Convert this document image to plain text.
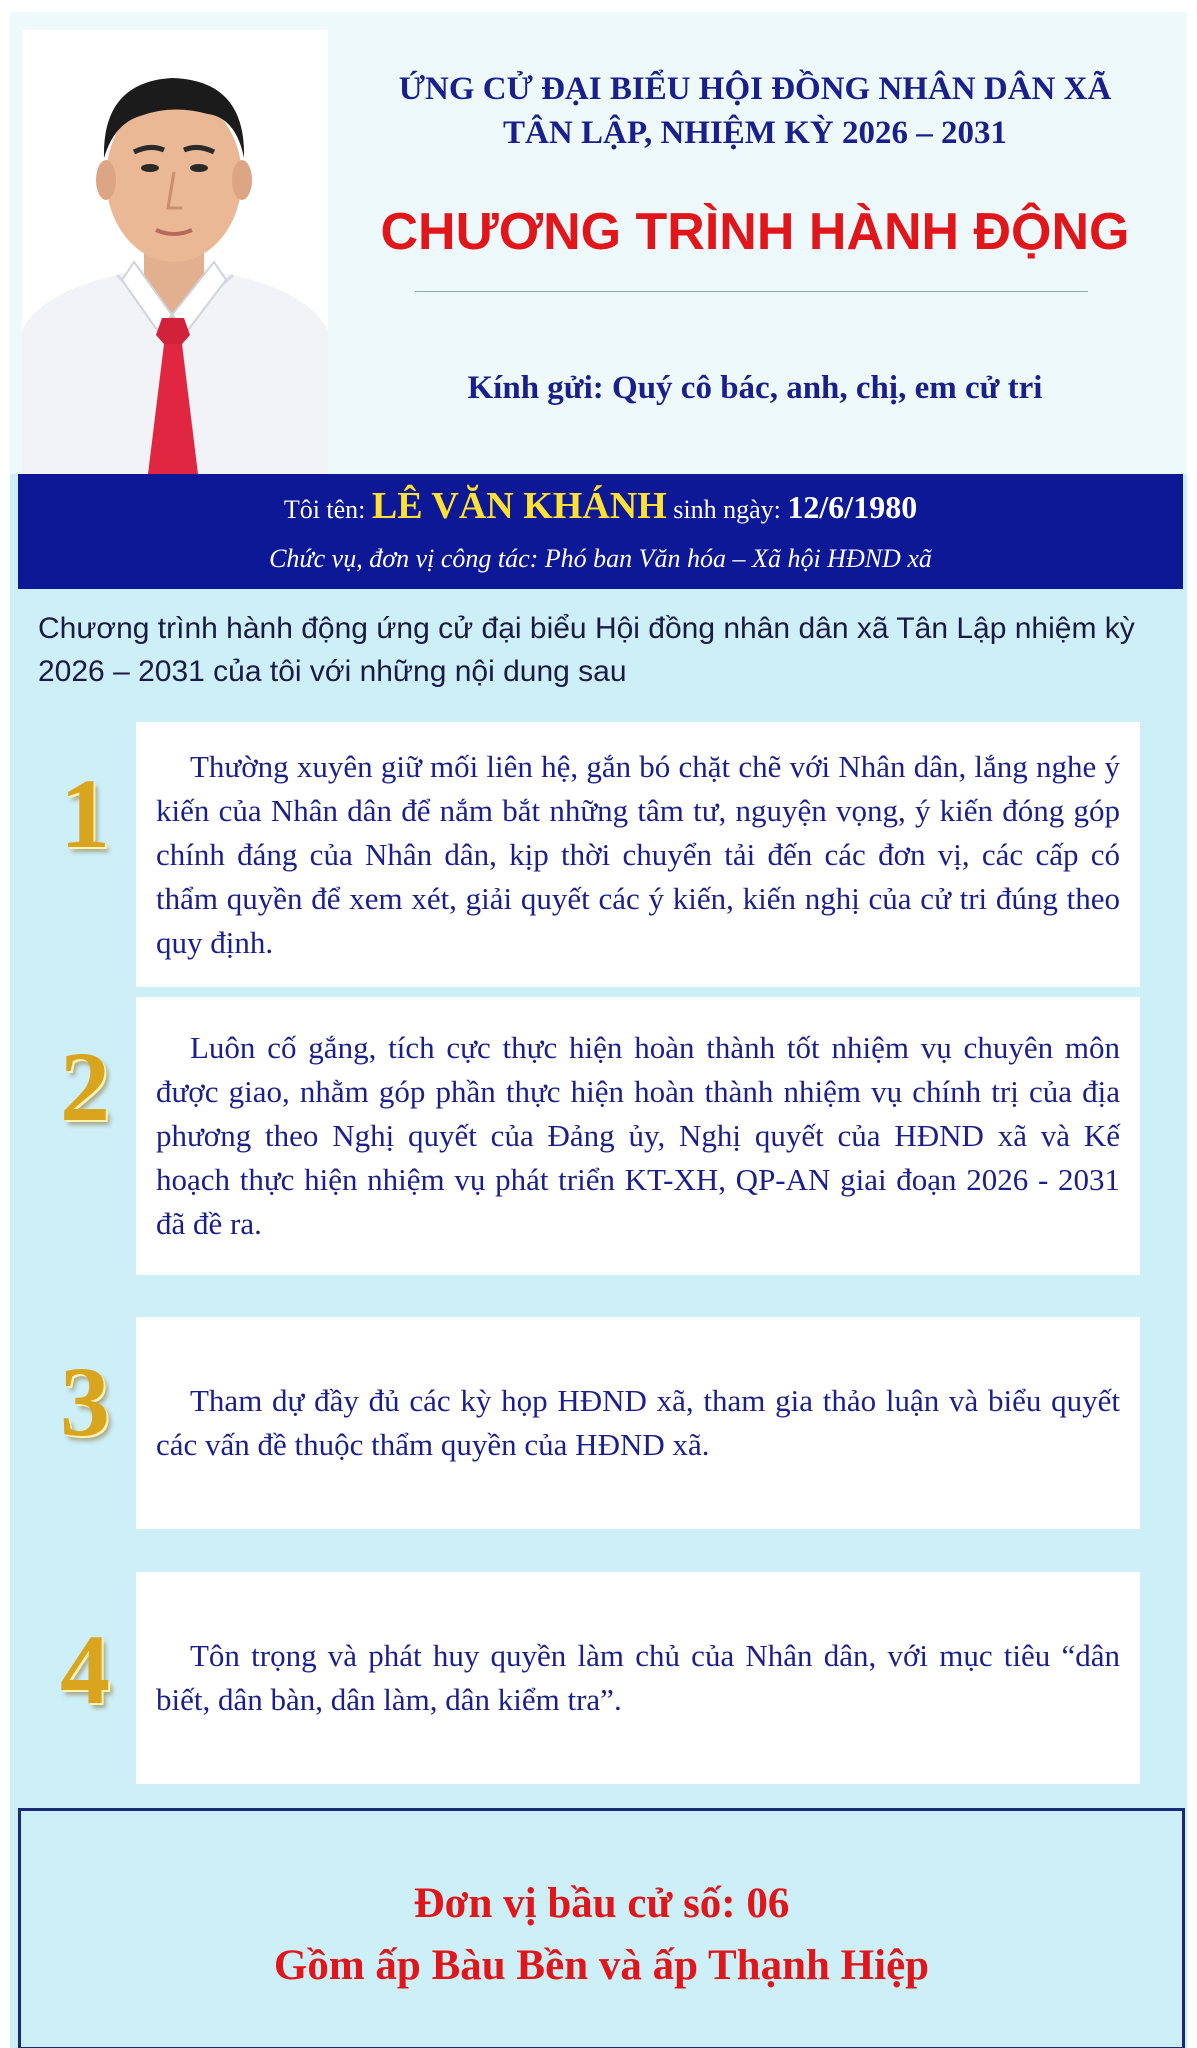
ỨNG CỬ ĐẠI BIỂU HỘI ĐỒNG NHÂN DÂN XÃ
TÂN LẬP, NHIỆM KỲ 2026 – 2031
CHƯƠNG TRÌNH HÀNH ĐỘNG

Kính gửi: Quý cô bác, anh, chị, em cử tri

Tôi tên: LÊ VĂN KHÁNH sinh ngày: 12/6/1980
Chức vụ, đơn vị công tác: Phó ban Văn hóa – Xã hội HĐND xã

Chương trình hành động ứng cử đại biểu Hội đồng nhân dân xã Tân Lập nhiệm kỳ 2026 – 2031 của tôi với những nội dung sau

1	Thường xuyên giữ mối liên hệ, gắn bó chặt chẽ với Nhân dân, lắng nghe ý kiến của Nhân dân để nắm bắt những tâm tư, nguyện vọng, ý kiến đóng góp chính đáng của Nhân dân, kịp thời chuyển tải đến các đơn vị, các cấp có thẩm quyền để xem xét, giải quyết các ý kiến, kiến nghị của cử tri đúng theo quy định.

2	Luôn cố gắng, tích cực thực hiện hoàn thành tốt nhiệm vụ chuyên môn được giao, nhằm góp phần thực hiện hoàn thành nhiệm vụ chính trị của địa phương theo Nghị quyết của Đảng ủy, Nghị quyết của HĐND xã và Kế hoạch thực hiện nhiệm vụ phát triển KT-XH, QP-AN giai đoạn 2026 - 2031 đã đề ra.

3	Tham dự đầy đủ các kỳ họp HĐND xã, tham gia thảo luận và biểu quyết các vấn đề thuộc thẩm quyền của HĐND xã.

4	Tôn trọng và phát huy quyền làm chủ của Nhân dân, với mục tiêu “dân biết, dân bàn, dân làm, dân kiểm tra”.

Đơn vị bầu cử số: 06

Gồm ấp Bàu Bền và ấp Thạnh Hiệp
